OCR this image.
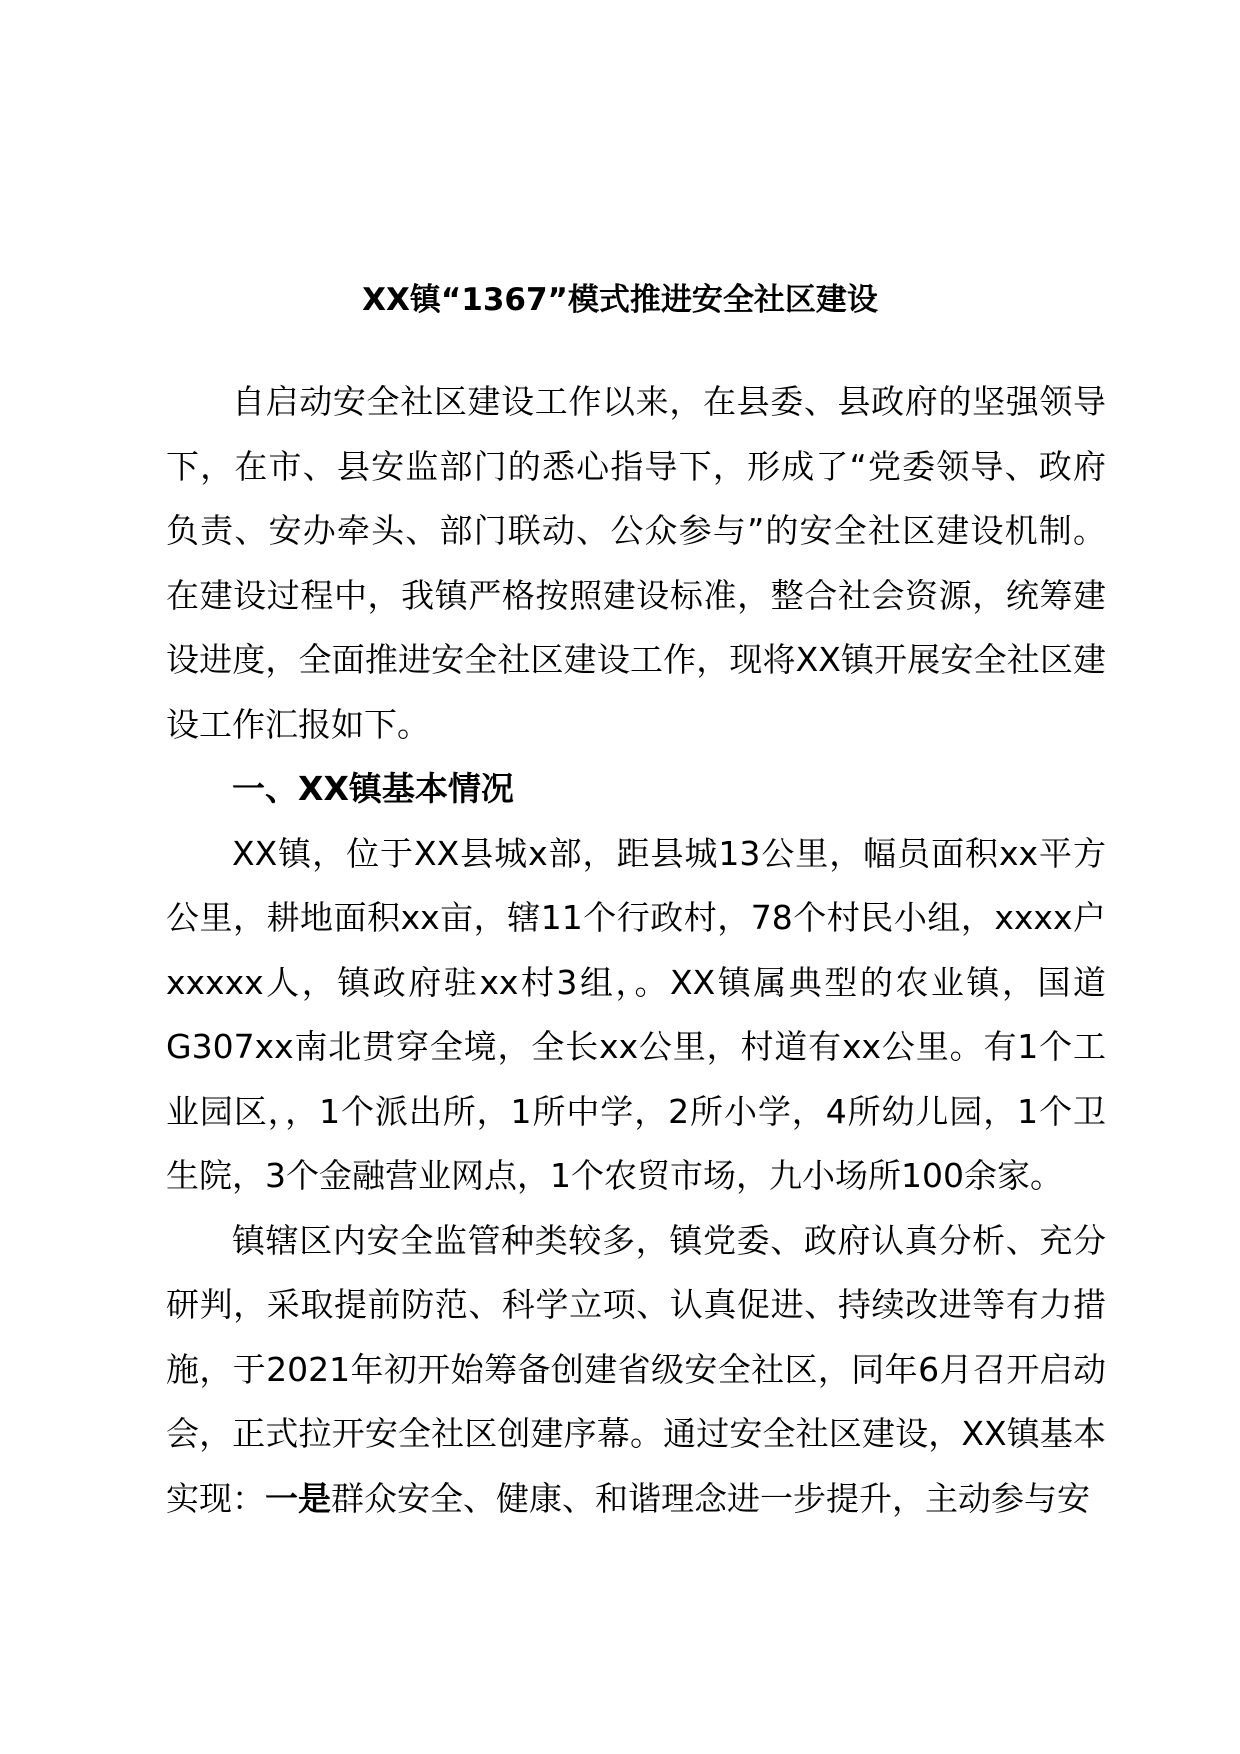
XX镇“1367”模式推进安全社区建设

自启动安全社区建设工作以来，在县委、县政府的坚强领导下，在市、县安监部门的悉心指导下，形成了“党委领导、政府负责、安办牵头、部门联动、公众参与”的安全社区建设机制。在建设过程中，我镇严格按照建设标准，整合社会资源，统筹建设进度，全面推进安全社区建设工作，现将XX镇开展安全社区建设工作汇报如下。

一、XX镇基本情况

XX镇，位于XX县城x部，距县城13公里，幅员面积xx平方公里，耕地面积xx亩，辖11个行政村，78个村民小组，xxxx户xxxxx人，镇政府驻xx村3组，。XX镇属典型的农业镇，国道G307xx南北贯穿全境，全长xx公里，村道有xx公里。有1个工业园区，，1个派出所，1所中学，2所小学，4所幼儿园，1个卫生院，3个金融营业网点，1个农贸市场，九小场所100余家。

镇辖区内安全监管种类较多，镇党委、政府认真分析、充分研判，采取提前防范、科学立项、认真促进、持续改进等有力措施，于2021年初开始筹备创建省级安全社区，同年6月召开启动会，正式拉开安全社区创建序幕。通过安全社区建设，XX镇基本实现：一是群众安全、健康、和谐理念进一步提升，主动参与安
